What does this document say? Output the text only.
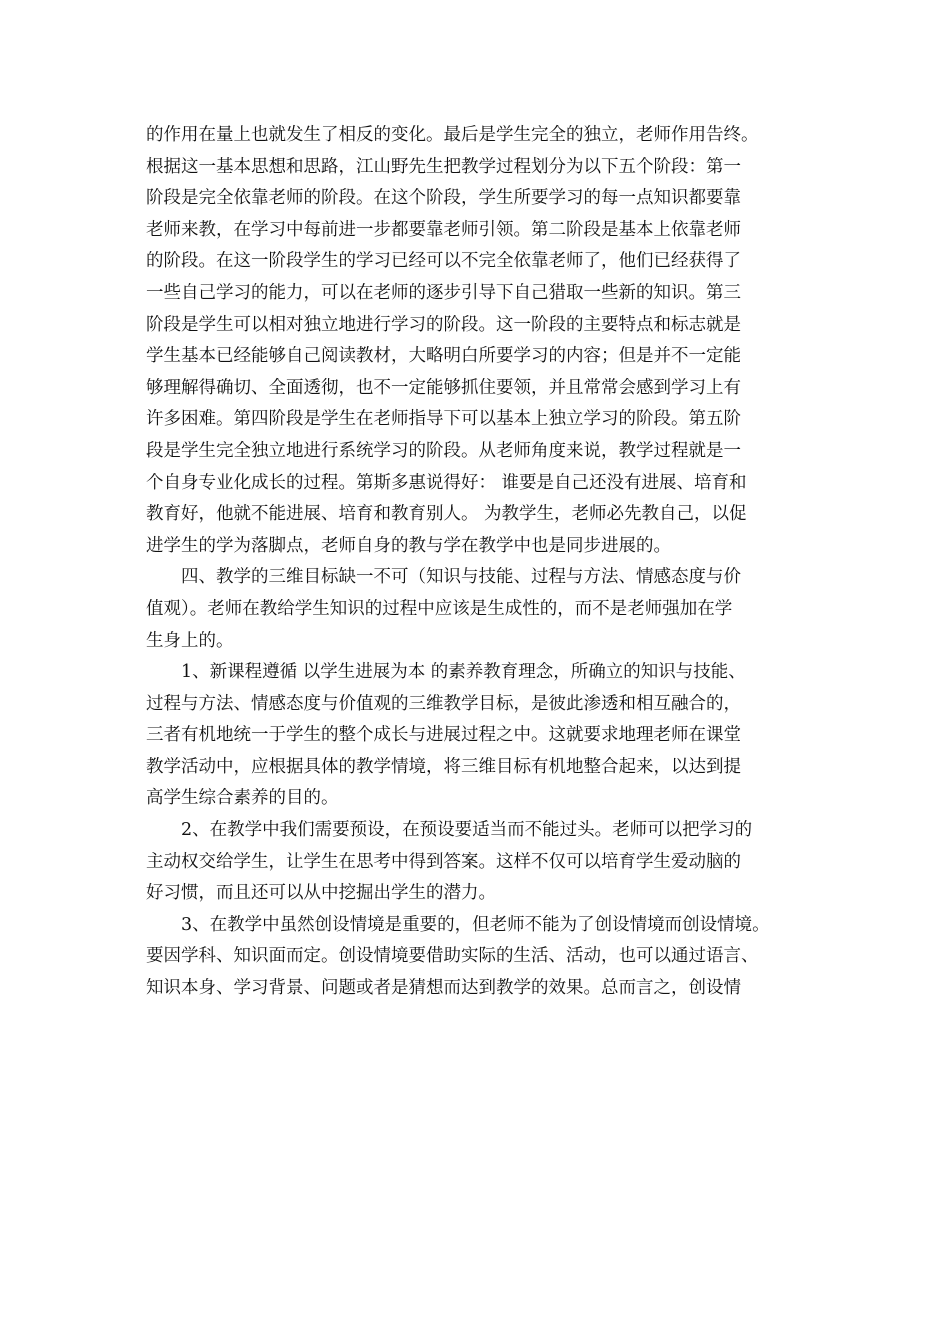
的作用在量上也就发生了相反的变化。最后是学生完全的独立，老师作用告终。
根据这一基本思想和思路，江山野先生把教学过程划分为以下五个阶段：第一
阶段是完全依靠老师的阶段。在这个阶段，学生所要学习的每一点知识都要靠
老师来教，在学习中每前进一步都要靠老师引领。第二阶段是基本上依靠老师
的阶段。在这一阶段学生的学习已经可以不完全依靠老师了，他们已经获得了
一些自己学习的能力，可以在老师的逐步引导下自己猎取一些新的知识。第三
阶段是学生可以相对独立地进行学习的阶段。这一阶段的主要特点和标志就是
学生基本已经能够自己阅读教材，大略明白所要学习的内容；但是并不一定能
够理解得确切、全面透彻，也不一定能够抓住要领，并且常常会感到学习上有
许多困难。第四阶段是学生在老师指导下可以基本上独立学习的阶段。第五阶
段是学生完全独立地进行系统学习的阶段。从老师角度来说，教学过程就是一
个自身专业化成长的过程。第斯多惠说得好： 谁要是自己还没有进展、培育和
教育好，他就不能进展、培育和教育别人。 为教学生，老师必先教自己，以促
进学生的学为落脚点，老师自身的教与学在教学中也是同步进展的。
　　四、教学的三维目标缺一不可（知识与技能、过程与方法、情感态度与价
值观）。老师在教给学生知识的过程中应该是生成性的，而不是老师强加在学
生身上的。
　　1、新课程遵循 以学生进展为本 的素养教育理念，所确立的知识与技能、
过程与方法、情感态度与价值观的三维教学目标，是彼此渗透和相互融合的，
三者有机地统一于学生的整个成长与进展过程之中。这就要求地理老师在课堂
教学活动中，应根据具体的教学情境，将三维目标有机地整合起来，以达到提
高学生综合素养的目的。
　　2、在教学中我们需要预设，在预设要适当而不能过头。老师可以把学习的
主动权交给学生，让学生在思考中得到答案。这样不仅可以培育学生爱动脑的
好习惯，而且还可以从中挖掘出学生的潜力。
　　3、在教学中虽然创设情境是重要的，但老师不能为了创设情境而创设情境。
要因学科、知识面而定。创设情境要借助实际的生活、活动，也可以通过语言、
知识本身、学习背景、问题或者是猜想而达到教学的效果。总而言之，创设情
